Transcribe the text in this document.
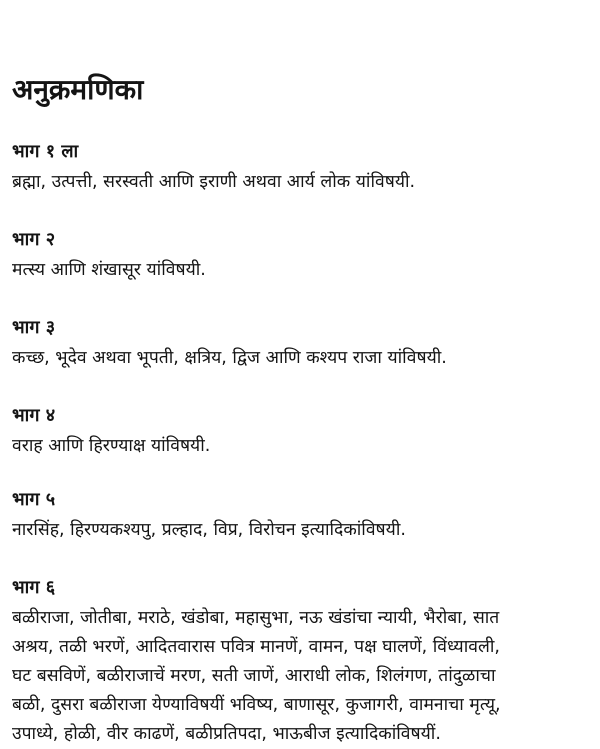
अनुक्रमणिका

भाग १ ला

ब्रह्मा, उत्पत्ती, सरस्वती आणि इराणी अथवा आर्य लोक यांविषयी.

भाग २

मत्स्य आणि शंखासूर यांविषयी.

भाग ३

कच्छ, भूदेव अथवा भूपती, क्षत्रिय, द्विज आणि कश्यप राजा यांविषयी.

भाग ४

वराह आणि हिरण्याक्ष यांविषयी.

भाग ५

नारसिंह, हिरण्यकश्यपु, प्रल्हाद, विप्र, विरोचन इत्यादिकांविषयी.

भाग ६

बळीराजा, जोतीबा, मराठे, खंडोबा, महासुभा, नऊ खंडांचा न्यायी, भैरोबा, सात
अश्रय, तळी भरणें, आदितवारास पवित्र मानणें, वामन, पक्ष घालणें, विंध्यावली,
घट बसविणें, बळीराजाचें मरण, सती जाणें, आराधी लोक, शिलंगण, तांदुळाचा
बळी, दुसरा बळीराजा येण्याविषयीं भविष्य, बाणासूर, कुजागरी, वामनाचा मृत्यू,
उपाध्ये, होळी, वीर काढणें, बळीप्रतिपदा, भाऊबीज इत्यादिकांविषयीं.
